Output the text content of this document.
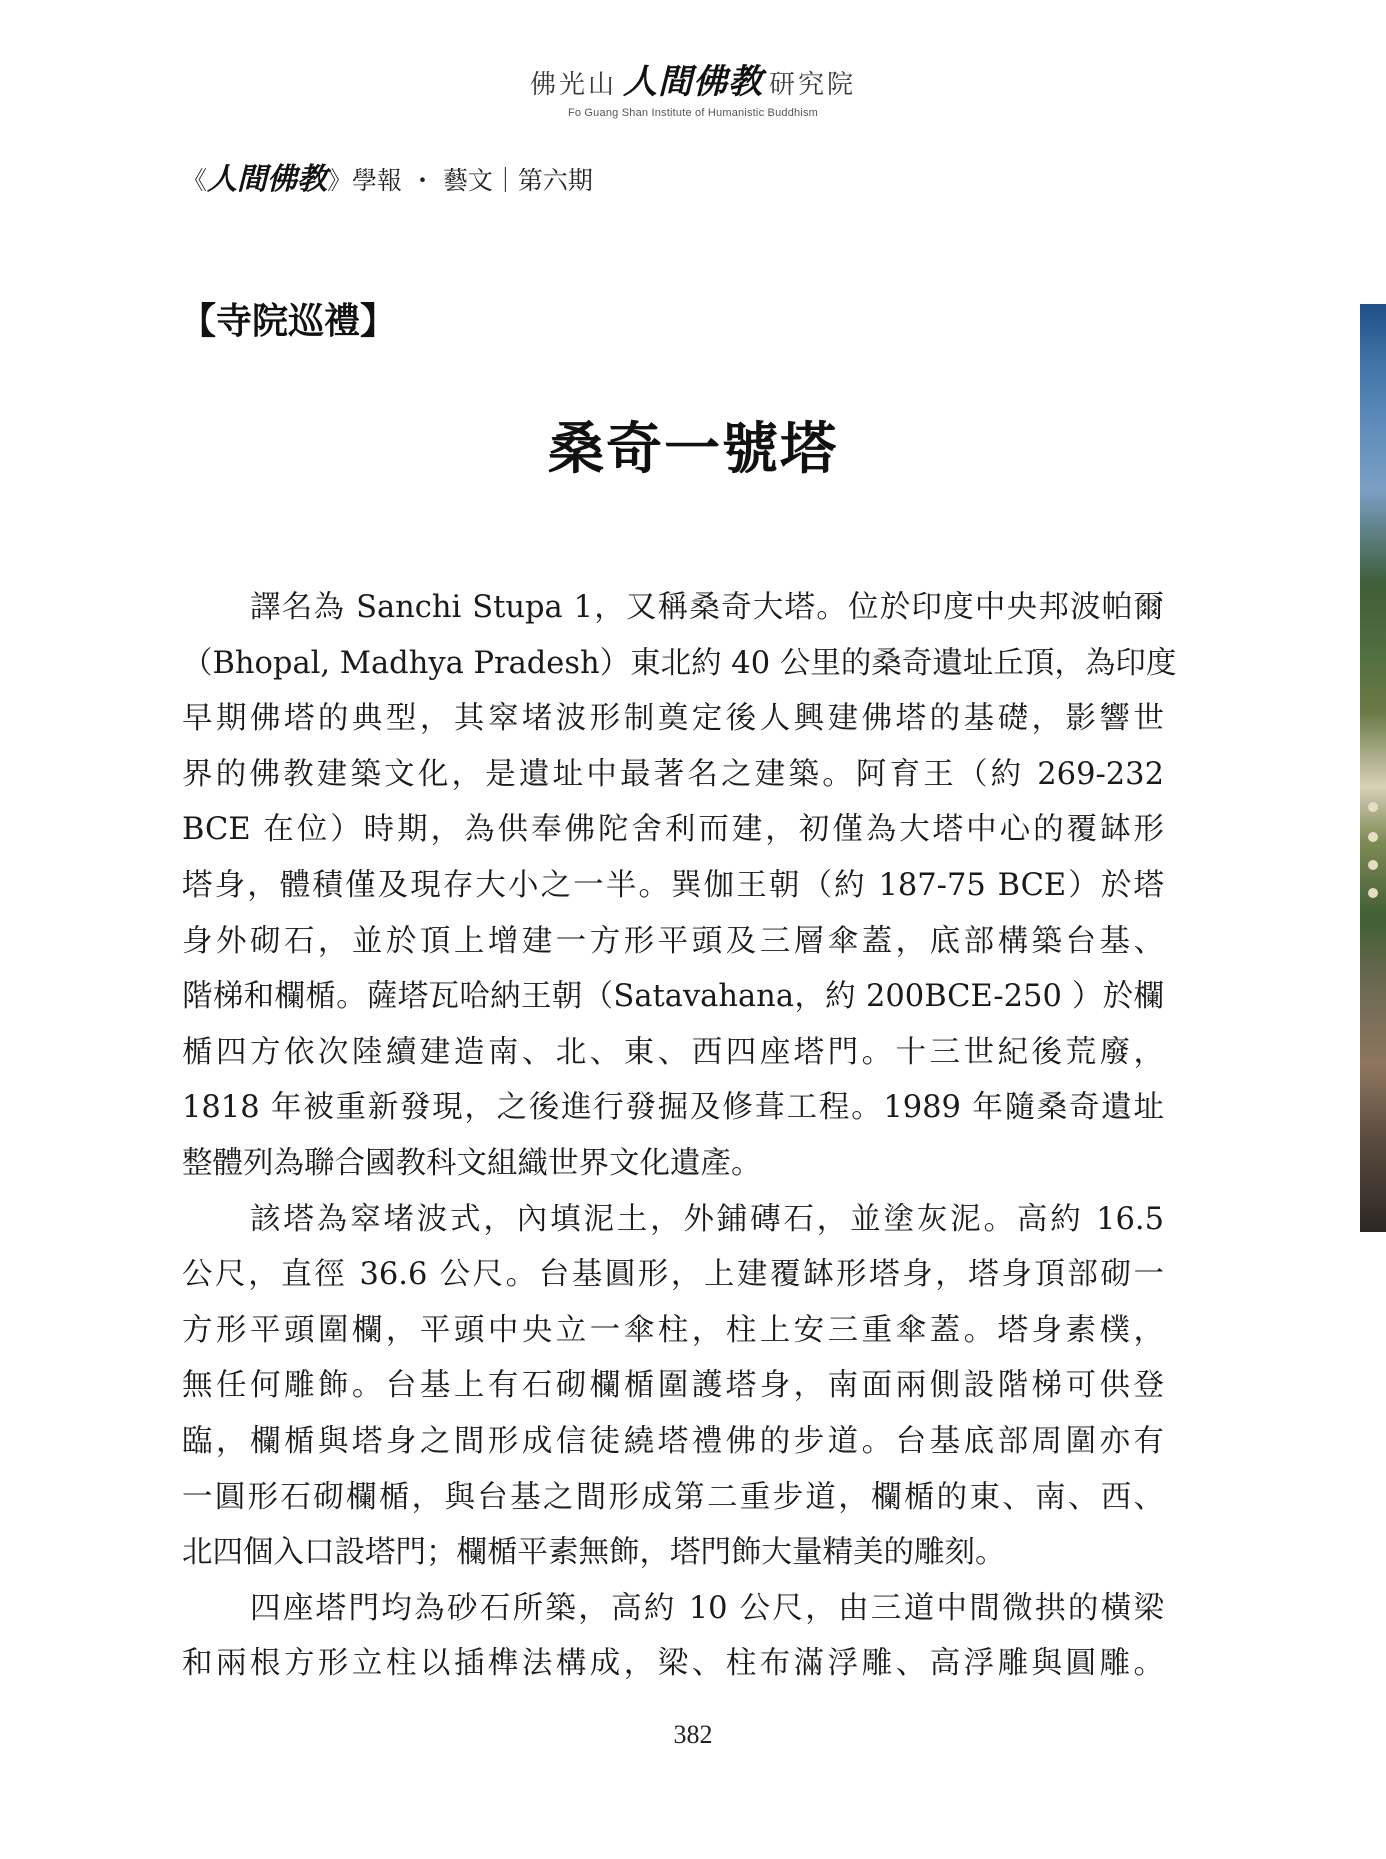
佛光山 人間佛教 研究院
Fo Guang Shan Institute of Humanistic Buddhism
《人間佛教》學報 ・ 藝文｜第六期
【寺院巡禮】
桑奇一號塔
譯名為 Sanchi Stupa 1，又稱桑奇大塔。位於印度中央邦波帕爾
（Bhopal, Madhya Pradesh）東北約 40 公里的桑奇遺址丘頂，為印度
早期佛塔的典型，其窣堵波形制奠定後人興建佛塔的基礎，影響世
界的佛教建築文化，是遺址中最著名之建築。阿育王（約 269-232
BCE 在位）時期，為供奉佛陀舍利而建，初僅為大塔中心的覆缽形
塔身，體積僅及現存大小之一半。巽伽王朝（約 187-75 BCE）於塔
身外砌石，並於頂上增建一方形平頭及三層傘蓋，底部構築台基、
階梯和欄楯。薩塔瓦哈納王朝（Satavahana，約 200BCE-250 ）於欄
楯四方依次陸續建造南、北、東、西四座塔門。十三世紀後荒廢，
1818 年被重新發現，之後進行發掘及修葺工程。1989 年隨桑奇遺址
整體列為聯合國教科文組織世界文化遺產。
該塔為窣堵波式，內填泥土，外鋪磚石，並塗灰泥。高約 16.5
公尺，直徑 36.6 公尺。台基圓形，上建覆缽形塔身，塔身頂部砌一
方形平頭圍欄，平頭中央立一傘柱，柱上安三重傘蓋。塔身素樸，
無任何雕飾。台基上有石砌欄楯圍護塔身，南面兩側設階梯可供登
臨，欄楯與塔身之間形成信徒繞塔禮佛的步道。台基底部周圍亦有
一圓形石砌欄楯，與台基之間形成第二重步道，欄楯的東、南、西、
北四個入口設塔門；欄楯平素無飾，塔門飾大量精美的雕刻。
四座塔門均為砂石所築，高約 10 公尺，由三道中間微拱的橫梁
和兩根方形立柱以插榫法構成，梁、柱布滿浮雕、高浮雕與圓雕。
382
